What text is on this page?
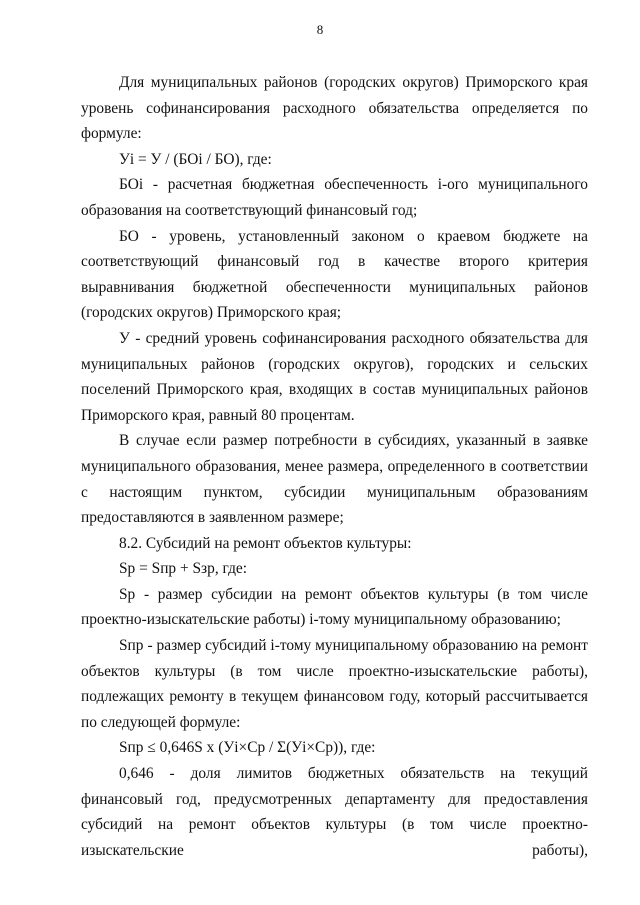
8

Для муниципальных районов (городских округов) Приморского края уровень софинансирования расходного обязательства определяется по формуле:

Уi = У / (БОi / БО), где:

БОi - расчетная бюджетная обеспеченность i-ого муниципального образования на соответствующий финансовый год;

БО - уровень, установленный законом о краевом бюджете на соответствующий финансовый год в качестве второго критерия выравнивания бюджетной обеспеченности муниципальных районов (городских округов) Приморского края;

У - средний уровень софинансирования расходного обязательства для муниципальных районов (городских округов), городских и сельских поселений Приморского края, входящих в состав муниципальных районов Приморского края, равный 80 процентам.

В случае если размер потребности в субсидиях, указанный в заявке муниципального образования, менее размера, определенного в соответствии с настоящим пунктом, субсидии муниципальным образованиям предоставляются в заявленном размере;

8.2. Субсидий на ремонт объектов культуры:

Sр = Sпр + Sзр, где:

Sр - размер субсидии на ремонт объектов культуры (в том числе проектно-изыскательские работы) i-тому муниципальному образованию;

Sпр - размер субсидий i-тому муниципальному образованию на ремонт объектов культуры (в том числе проектно-изыскательские работы), подлежащих ремонту в текущем финансовом году, который рассчитывается по следующей формуле:

Sпр ≤ 0,646S х (Уi×Ср / Σ(Уi×Ср)), где:

0,646 - доля лимитов бюджетных обязательств на текущий финансовый год, предусмотренных департаменту для предоставления субсидий на ремонт объектов культуры (в том числе проектно-изыскательские работы),
